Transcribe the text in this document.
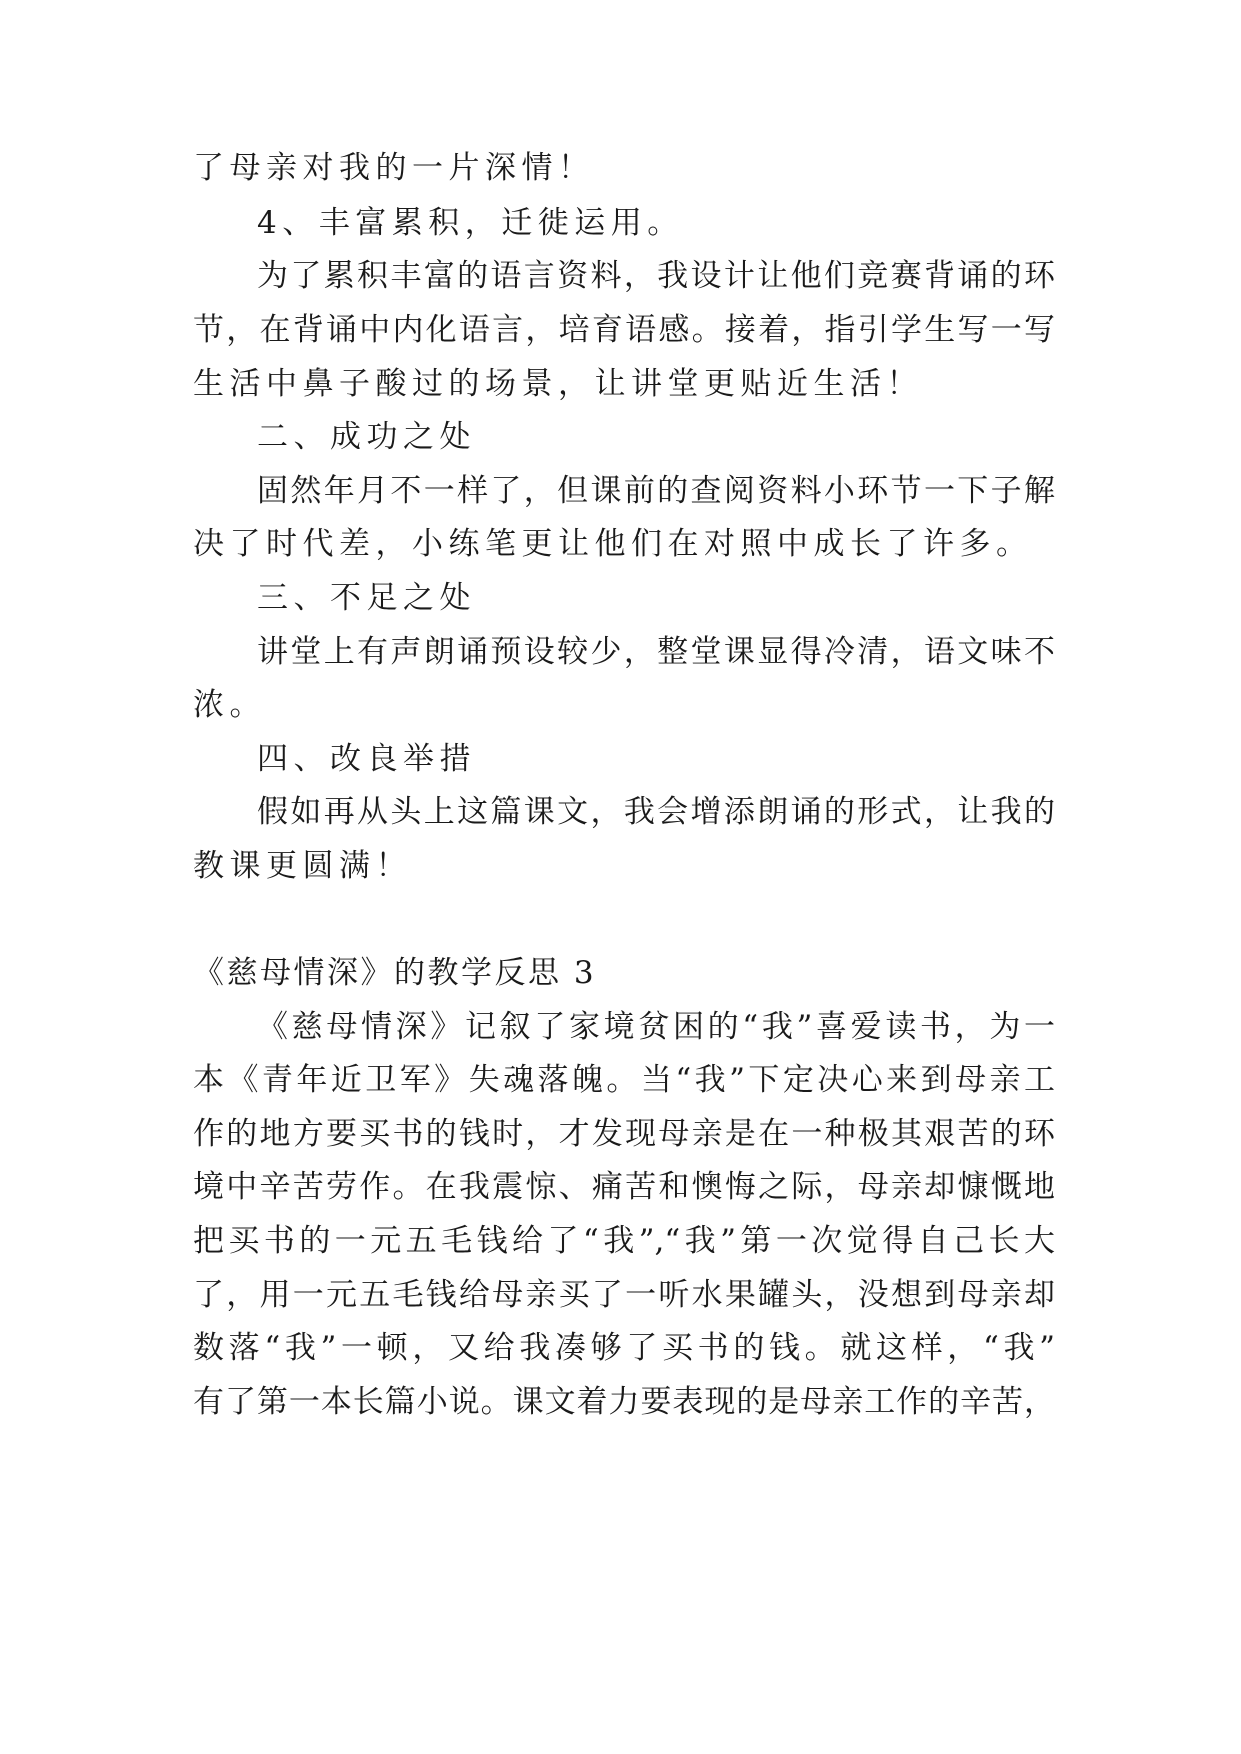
了母亲对我的一片深情！
4、丰富累积，迁徙运用。
为了累积丰富的语言资料，我设计让他们竞赛背诵的环
节，在背诵中内化语言，培育语感。接着，指引学生写一写
生活中鼻子酸过的场景，让讲堂更贴近生活！
二、成功之处
固然年月不一样了，但课前的查阅资料小环节一下子解
决了时代差，小练笔更让他们在对照中成长了许多。
三、不足之处
讲堂上有声朗诵预设较少，整堂课显得冷清，语文味不
浓。
四、改良举措
假如再从头上这篇课文，我会增添朗诵的形式，让我的
教课更圆满！
《慈母情深》的教学反思 3
《慈母情深》记叙了家境贫困的“我”喜爱读书，为一
本《青年近卫军》失魂落魄。当“我”下定决心来到母亲工
作的地方要买书的钱时，才发现母亲是在一种极其艰苦的环
境中辛苦劳作。在我震惊、痛苦和懊悔之际，母亲却慷慨地
把买书的一元五毛钱给了“我”,“我”第一次觉得自己长大
了，用一元五毛钱给母亲买了一听水果罐头，没想到母亲却
数落“我”一顿，又给我凑够了买书的钱。就这样，“我”
有了第一本长篇小说。课文着力要表现的是母亲工作的辛苦，
